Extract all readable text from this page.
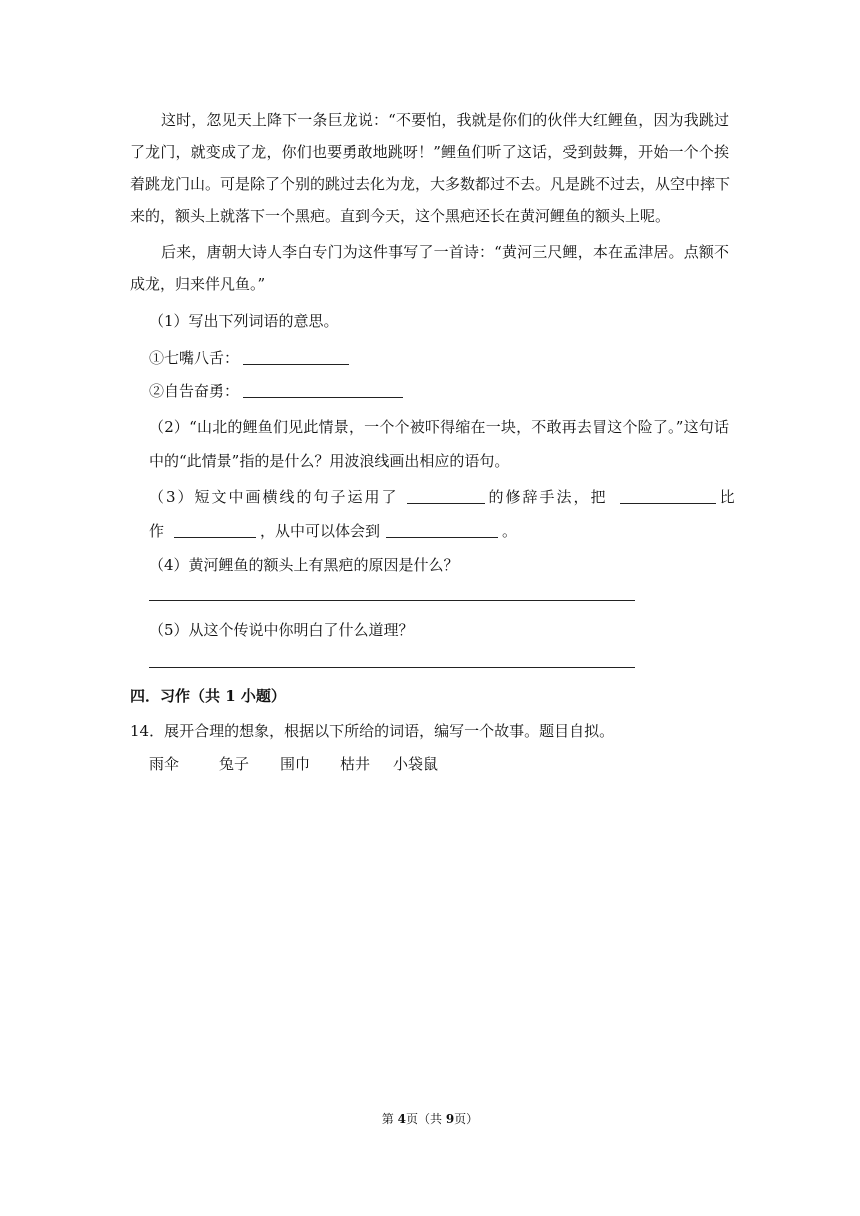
这时，忽见天上降下一条巨龙说：“不要怕，我就是你们的伙伴大红鲤鱼，因为我跳过
了龙门，就变成了龙，你们也要勇敢地跳呀！”鲤鱼们听了这话，受到鼓舞，开始一个个挨
着跳龙门山。可是除了个别的跳过去化为龙，大多数都过不去。凡是跳不过去，从空中摔下
来的，额头上就落下一个黑疤。直到今天，这个黑疤还长在黄河鲤鱼的额头上呢。
后来，唐朝大诗人李白专门为这件事写了一首诗：“黄河三尺鲤，本在孟津居。点额不
成龙，归来伴凡鱼。”
（1）写出下列词语的意思。
①七嘴八舌：
②自告奋勇：
（2）“山北的鲤鱼们见此情景，一个个被吓得缩在一块，不敢再去冒这个险了。”这句话
中的“此情景”指的是什么？用波浪线画出相应的语句。
（3）短文中画横线的句子运用了	的修辞手法，把	比
作	，从中可以体会到	。
（4）黄河鲤鱼的额头上有黑疤的原因是什么？
（5）从这个传说中你明白了什么道理？
四．习作（共 1 小题）
14．展开合理的想象，根据以下所给的词语，编写一个故事。题目自拟。
雨伞	兔子 围巾 枯井 小袋鼠
第 4页（共 9页）
